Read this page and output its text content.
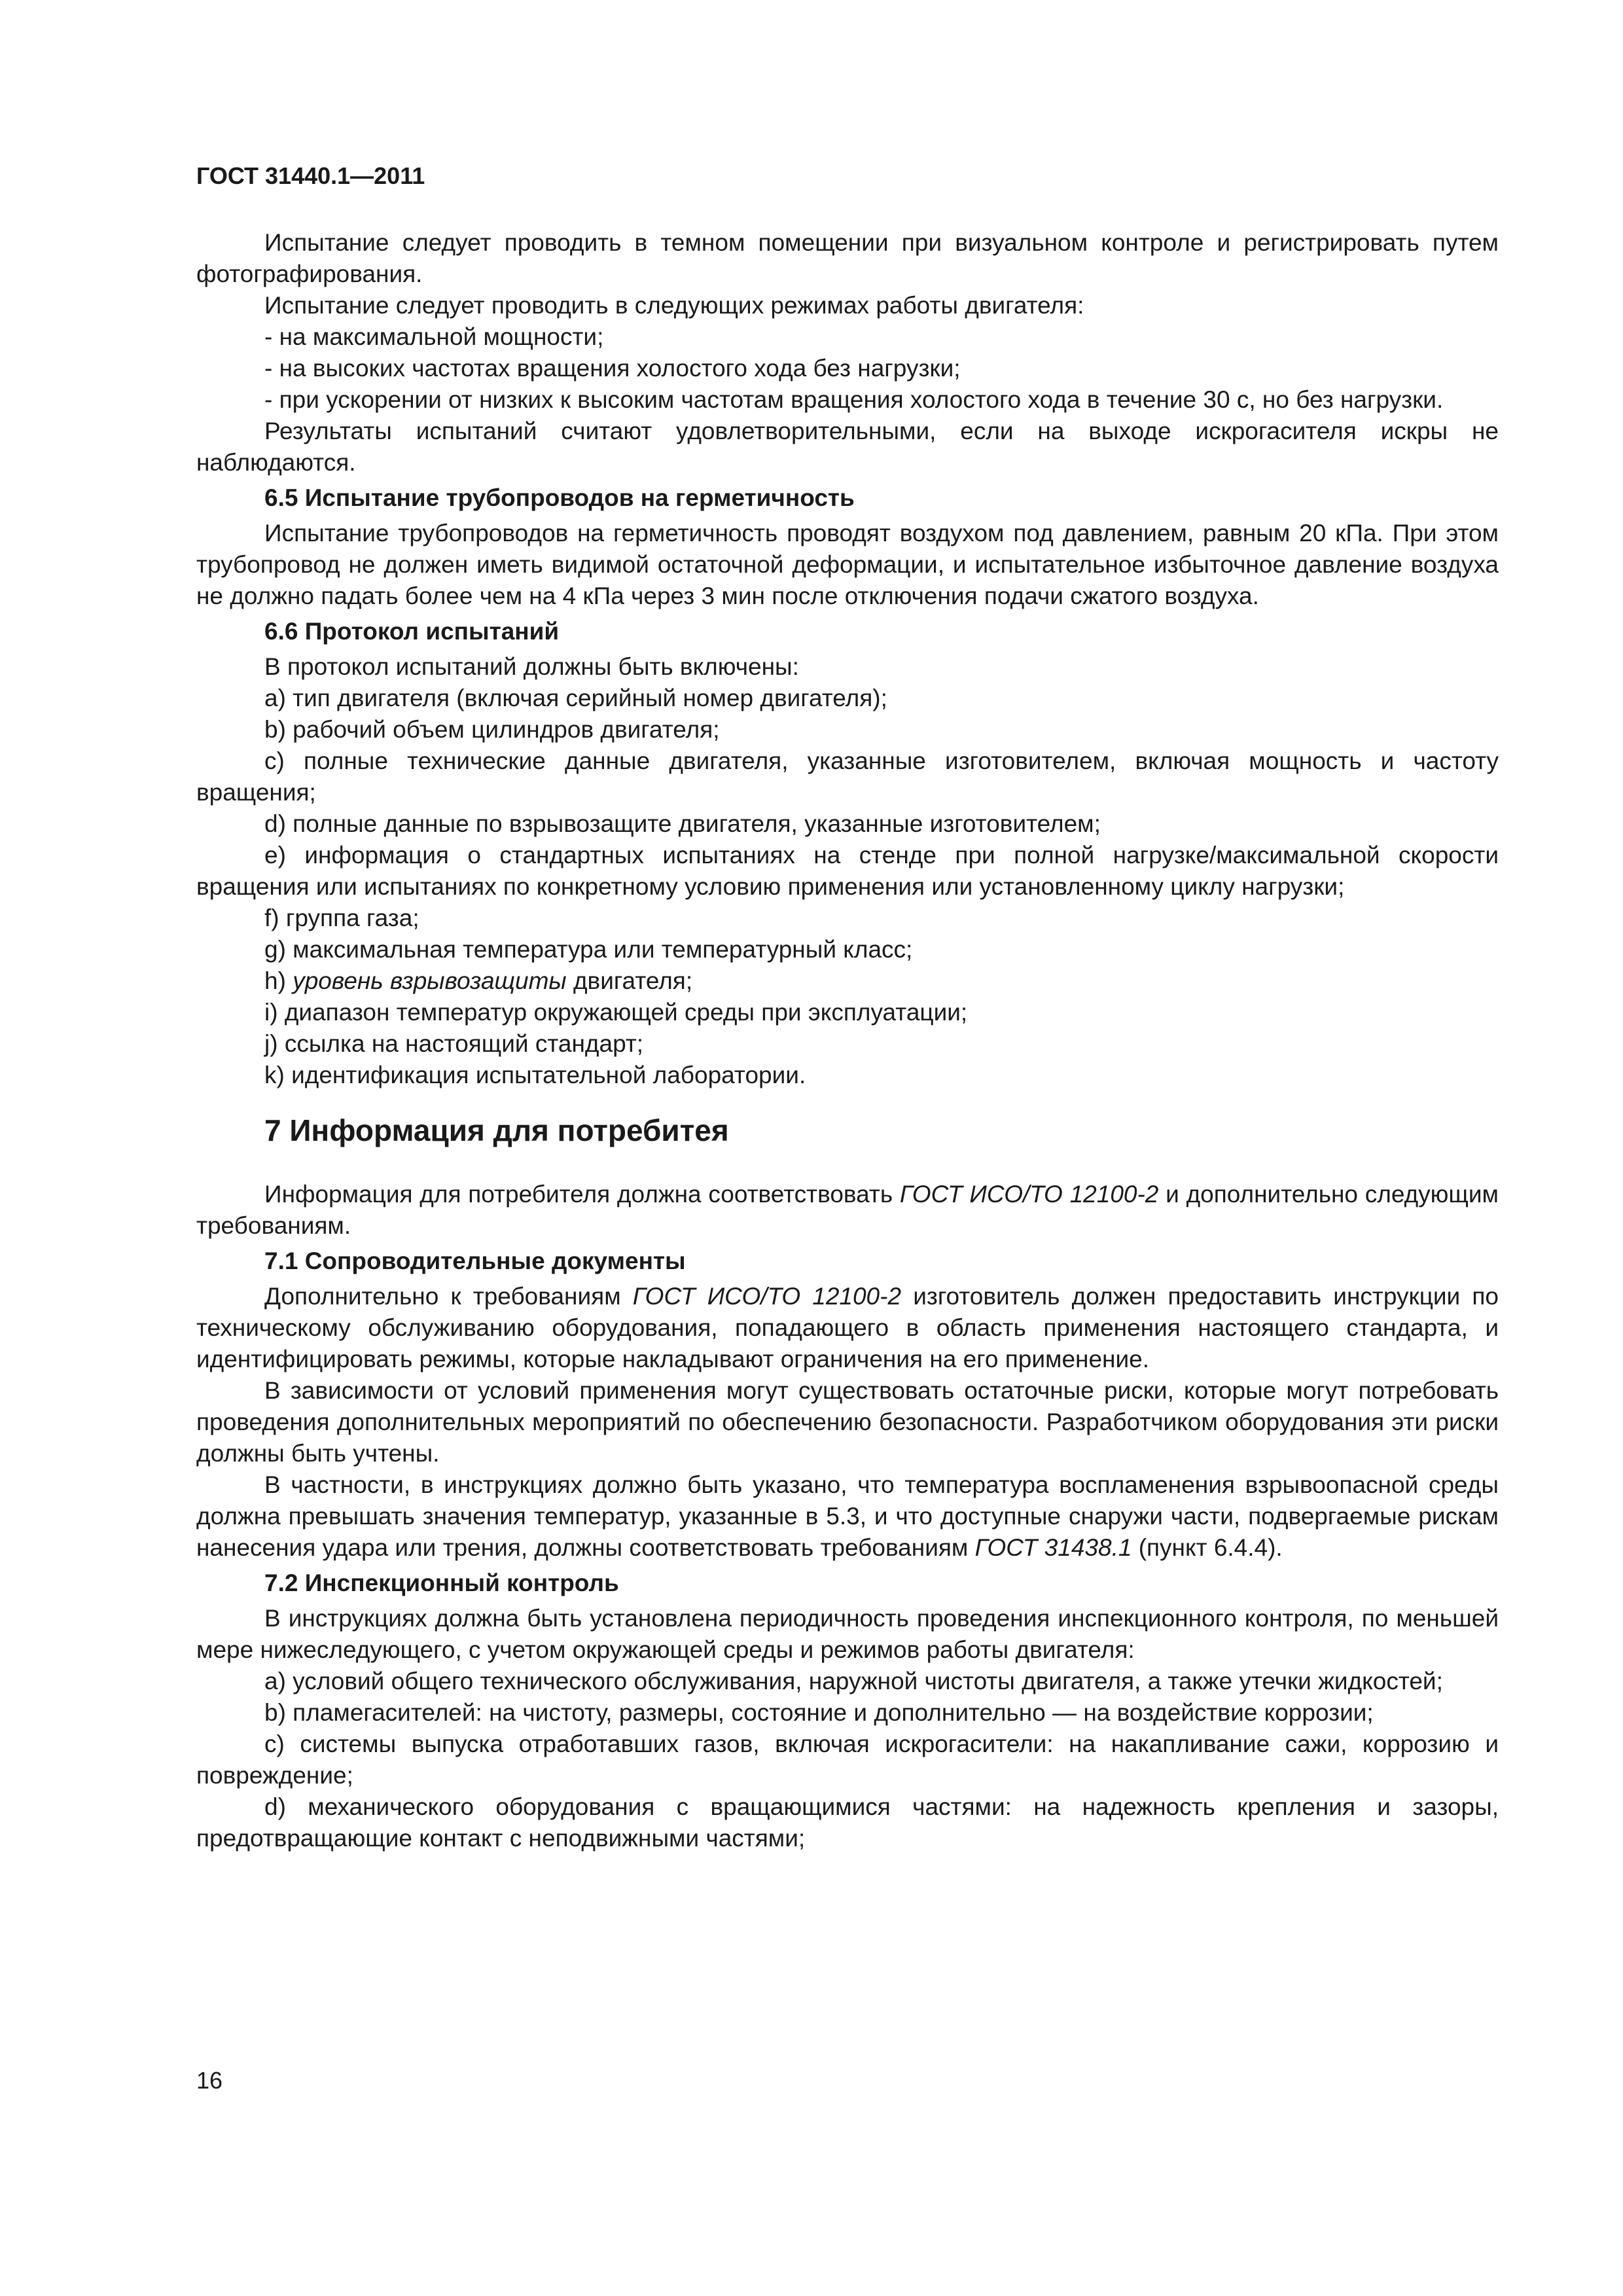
ГОСТ 31440.1—2011

Испытание следует проводить в темном помещении при визуальном контроле и регистрировать путем фотографирования.

Испытание следует проводить в следующих режимах работы двигателя:

- на максимальной мощности;

- на высоких частотах вращения холостого хода без нагрузки;

- при ускорении от низких к высоким частотам вращения холостого хода в течение 30 с, но без нагрузки.

Результаты испытаний считают удовлетворительными, если на выходе искрогасителя искры не наблюдаются.

6.5 Испытание трубопроводов на герметичность

Испытание трубопроводов на герметичность проводят воздухом под давлением, равным 20 кПа. При этом трубопровод не должен иметь видимой остаточной деформации, и испытательное избыточное давление воздуха не должно падать более чем на 4 кПа через 3 мин после отключения подачи сжатого воздуха.

6.6 Протокол испытаний

В протокол испытаний должны быть включены:

a) тип двигателя (включая серийный номер двигателя);

b) рабочий объем цилиндров двигателя;

c) полные технические данные двигателя, указанные изготовителем, включая мощность и частоту вращения;

d) полные данные по взрывозащите двигателя, указанные изготовителем;

e) информация о стандартных испытаниях на стенде при полной нагрузке/максимальной скорости вращения или испытаниях по конкретному условию применения или установленному циклу нагрузки;

f) группа газа;

g) максимальная температура или температурный класс;

h) уровень взрывозащиты двигателя;

i) диапазон температур окружающей среды при эксплуатации;

j) ссылка на настоящий стандарт;

k) идентификация испытательной лаборатории.

7 Информация для потребитея

Информация для потребителя должна соответствовать ГОСТ ИСО/ТО 12100-2 и дополнительно следующим требованиям.

7.1 Сопроводительные документы

Дополнительно к требованиям ГОСТ ИСО/ТО 12100-2 изготовитель должен предоставить инструкции по техническому обслуживанию оборудования, попадающего в область применения настоящего стандарта, и идентифицировать режимы, которые накладывают ограничения на его применение.

В зависимости от условий применения могут существовать остаточные риски, которые могут потребовать проведения дополнительных мероприятий по обеспечению безопасности. Разработчиком оборудования эти риски должны быть учтены.

В частности, в инструкциях должно быть указано, что температура воспламенения взрывоопасной среды должна превышать значения температур, указанные в 5.3, и что доступные снаружи части, подвергаемые рискам нанесения удара или трения, должны соответствовать требованиям ГОСТ 31438.1 (пункт 6.4.4).

7.2 Инспекционный контроль

В инструкциях должна быть установлена периодичность проведения инспекционного контроля, по меньшей мере нижеследующего, с учетом окружающей среды и режимов работы двигателя:

a) условий общего технического обслуживания, наружной чистоты двигателя, а также утечки жидкостей;

b) пламегасителей: на чистоту, размеры, состояние и дополнительно — на воздействие коррозии;

c) системы выпуска отработавших газов, включая искрогасители: на накапливание сажи, коррозию и повреждение;

d) механического оборудования с вращающимися частями: на надежность крепления и зазоры, предотвращающие контакт с неподвижными частями;

16
